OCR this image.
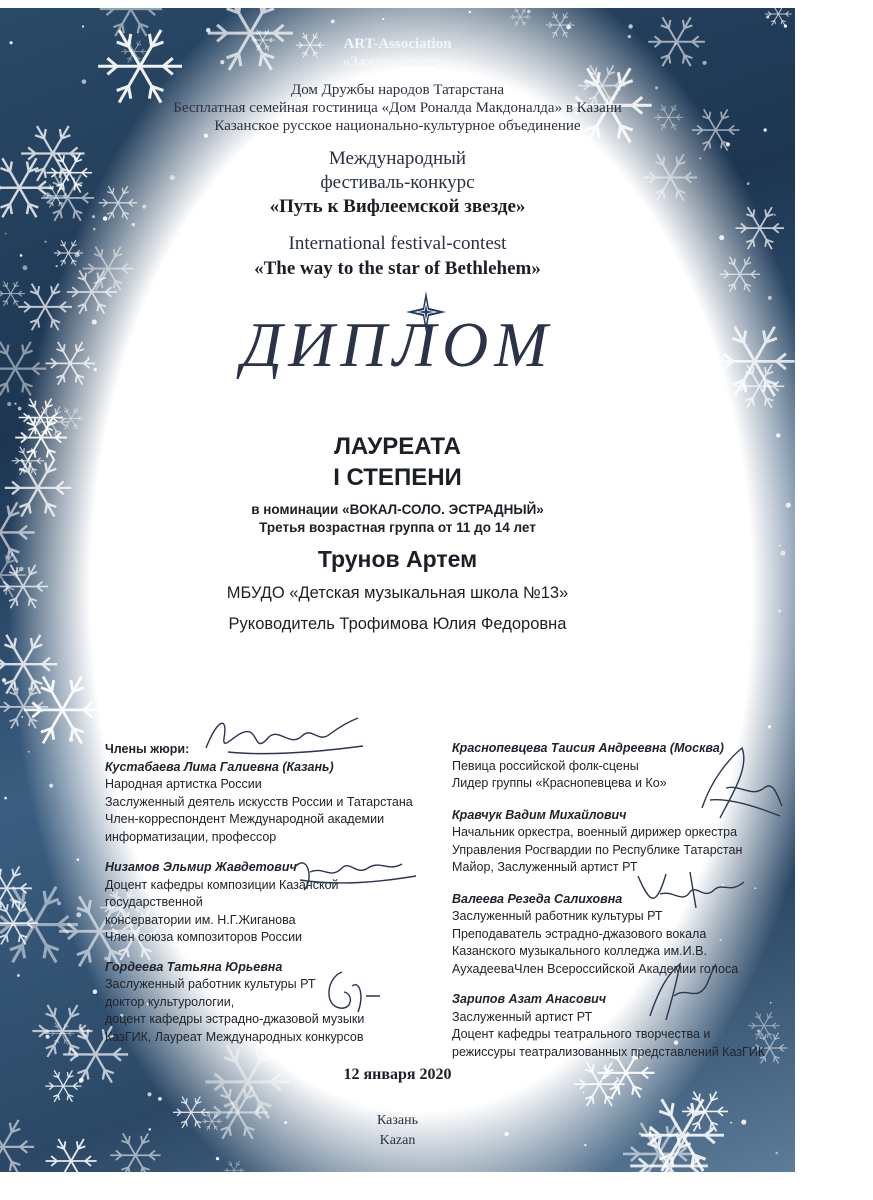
ART-Association

«Зажечь звезду»

Дом Дружбы народов Татарстана

Бесплатная семейная гостиница «Дом Роналда Макдоналда» в Казани

Казанское русское национально-культурное объединение

Международный

фестиваль-конкурс

«Путь к Вифлеемской звезде»

International festival-contest

«The way to the star of Bethlehem»

ДИПЛОМ

ЛАУРЕАТА

I СТЕПЕНИ

в номинации «ВОКАЛ-СОЛО. ЭСТРАДНЫЙ»

Третья возрастная группа от 11 до 14 лет

Трунов Артем

МБУДО «Детская музыкальная школа №13»

Руководитель Трофимова Юлия Федоровна

Члены жюри:
Кустабаева Лима Галиевна (Казань)
Народная артистка России
Заслуженный деятель искусств России и Татарстана
Член-корреспондент Международной академии
информатизации, профессор
Низамов Эльмир Жавдетович
Доцент кафедры композиции Казанской
государственной
консерватории им. Н.Г.Жиганова
Член союза композиторов России
Гордеева Татьяна Юрьевна
Заслуженный работник культуры РТ
доктор культурологии,
доцент кафедры эстрадно-джазовой музыки
КазГИК, Лауреат Международных конкурсов
Краснопевцева Таисия Андреевна (Москва)
Певица российской фолк-сцены
Лидер группы «Краснопевцева и Ко»
Кравчук Вадим Михайлович
Начальник оркестра, военный дирижер оркестра
Управления Росгвардии по Республике Татарстан
Майор, Заслуженный артист РТ
Валеева Резеда Салиховна
Заслуженный работник культуры РТ
Преподаватель эстрадно-джазового вокала
Казанского музыкального колледжа им.И.В.
АухадееваЧлен Всероссийской Академии голоса
Зарипов Азат Анасович
Заслуженный артист РТ
Доцент кафедры театрального творчества и
режиссуры театрализованных представлений КазГИК

12 января 2020

Казань

Kazan
